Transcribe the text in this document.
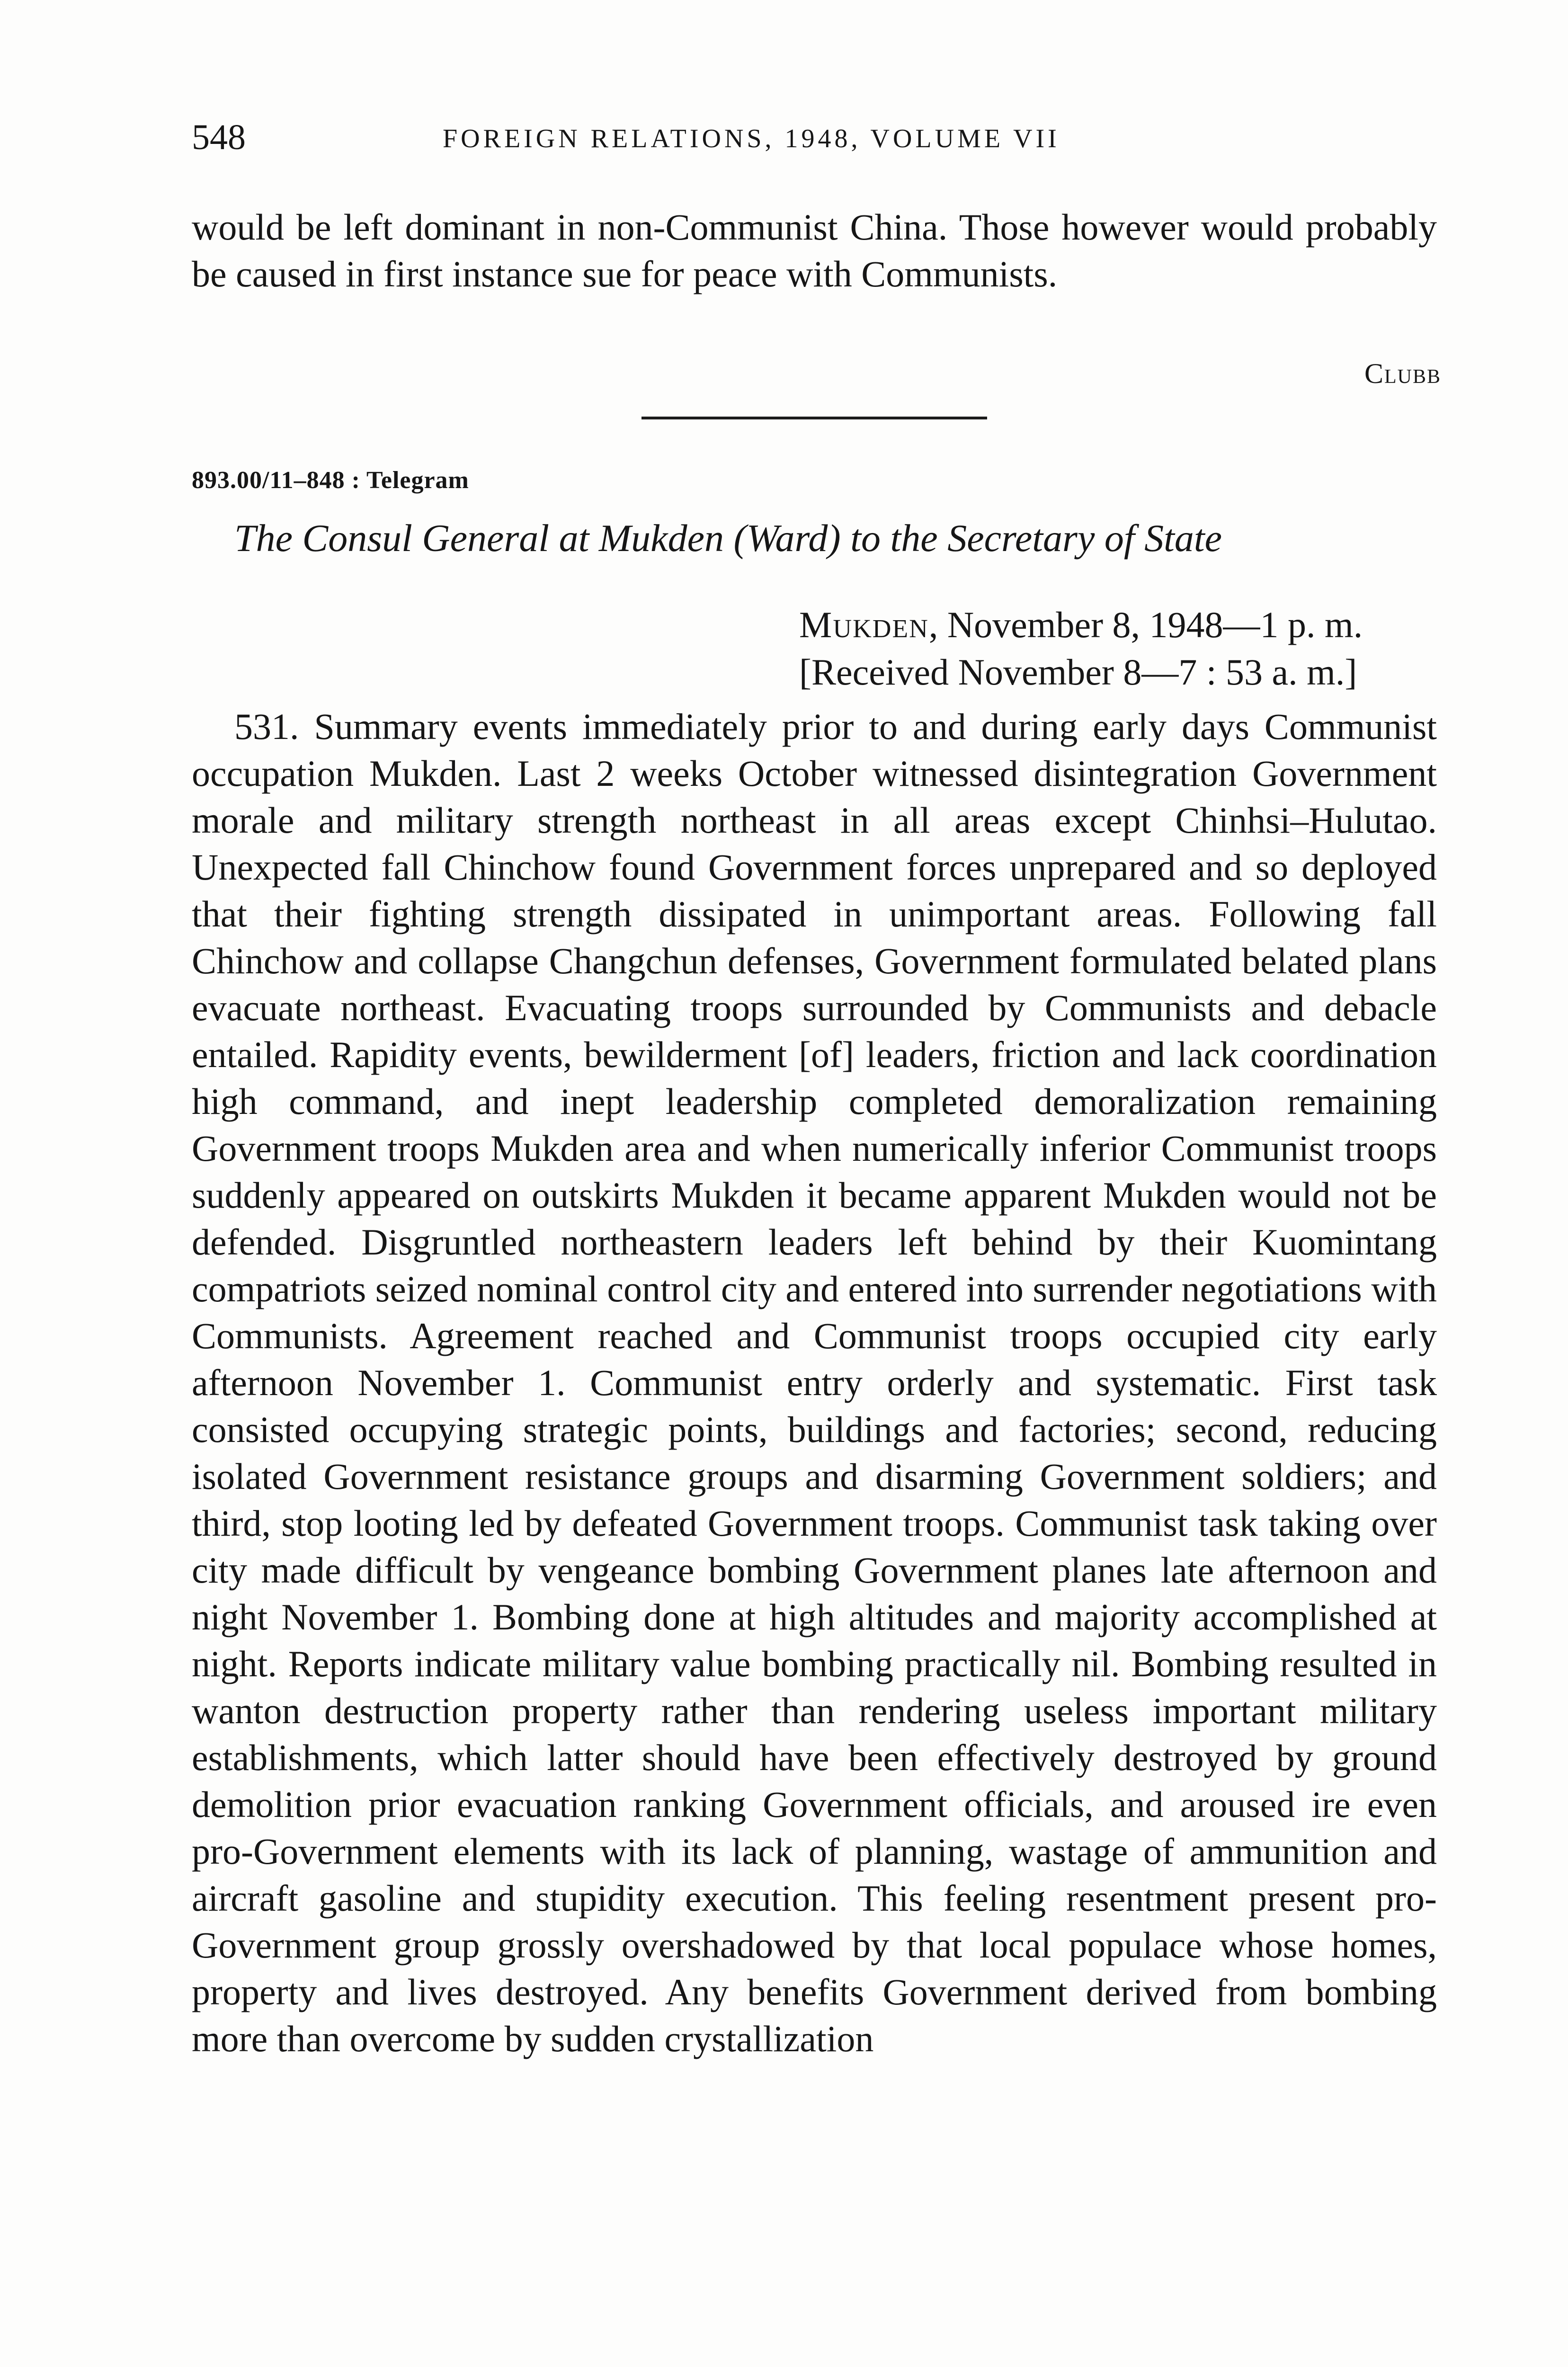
548	FOREIGN RELATIONS, 1948, VOLUME VII

would be left dominant in non-Communist China. Those however would probably be caused in first instance sue for peace with Communists.

Clubb
893.00/11–848 : Telegram
The Consul General at Mukden (Ward) to the Secretary of State
Mukden, November 8, 1948—1 p. m.
[Received November 8—7 : 53 a. m.]

531. Summary events immediately prior to and during early days Communist occupation Mukden. Last 2 weeks October witnessed disintegration Government morale and military strength northeast in all areas except Chinhsi–Hulutao. Unexpected fall Chinchow found Government forces unprepared and so deployed that their fighting strength dissipated in unimportant areas. Following fall Chinchow and collapse Changchun defenses, Government formulated belated plans evacuate northeast. Evacuating troops surrounded by Communists and debacle entailed. Rapidity events, bewilderment [of] leaders, friction and lack coordination high command, and inept leadership completed demoralization remaining Government troops Mukden area and when numerically inferior Communist troops suddenly appeared on outskirts Mukden it became apparent Mukden would not be defended. Disgruntled northeastern leaders left behind by their Kuomintang compatriots seized nominal control city and entered into surrender negotiations with Communists. Agreement reached and Communist troops occupied city early afternoon November 1. Communist entry orderly and systematic. First task consisted occupying strategic points, buildings and factories; second, reducing isolated Government resistance groups and disarming Government soldiers; and third, stop looting led by defeated Government troops. Communist task taking over city made difficult by vengeance bombing Government planes late afternoon and night November 1. Bombing done at high altitudes and majority accomplished at night. Reports indicate military value bombing practically nil. Bombing resulted in wanton destruction property rather than rendering useless important military establishments, which latter should have been effectively destroyed by ground demolition prior evacuation ranking Government officials, and aroused ire even pro-Government elements with its lack of planning, wastage of ammunition and aircraft gasoline and stupidity execution. This feeling resentment present pro-Government group grossly overshadowed by that local populace whose homes, property and lives destroyed. Any benefits Government derived from bombing more than overcome by sudden crystallization
